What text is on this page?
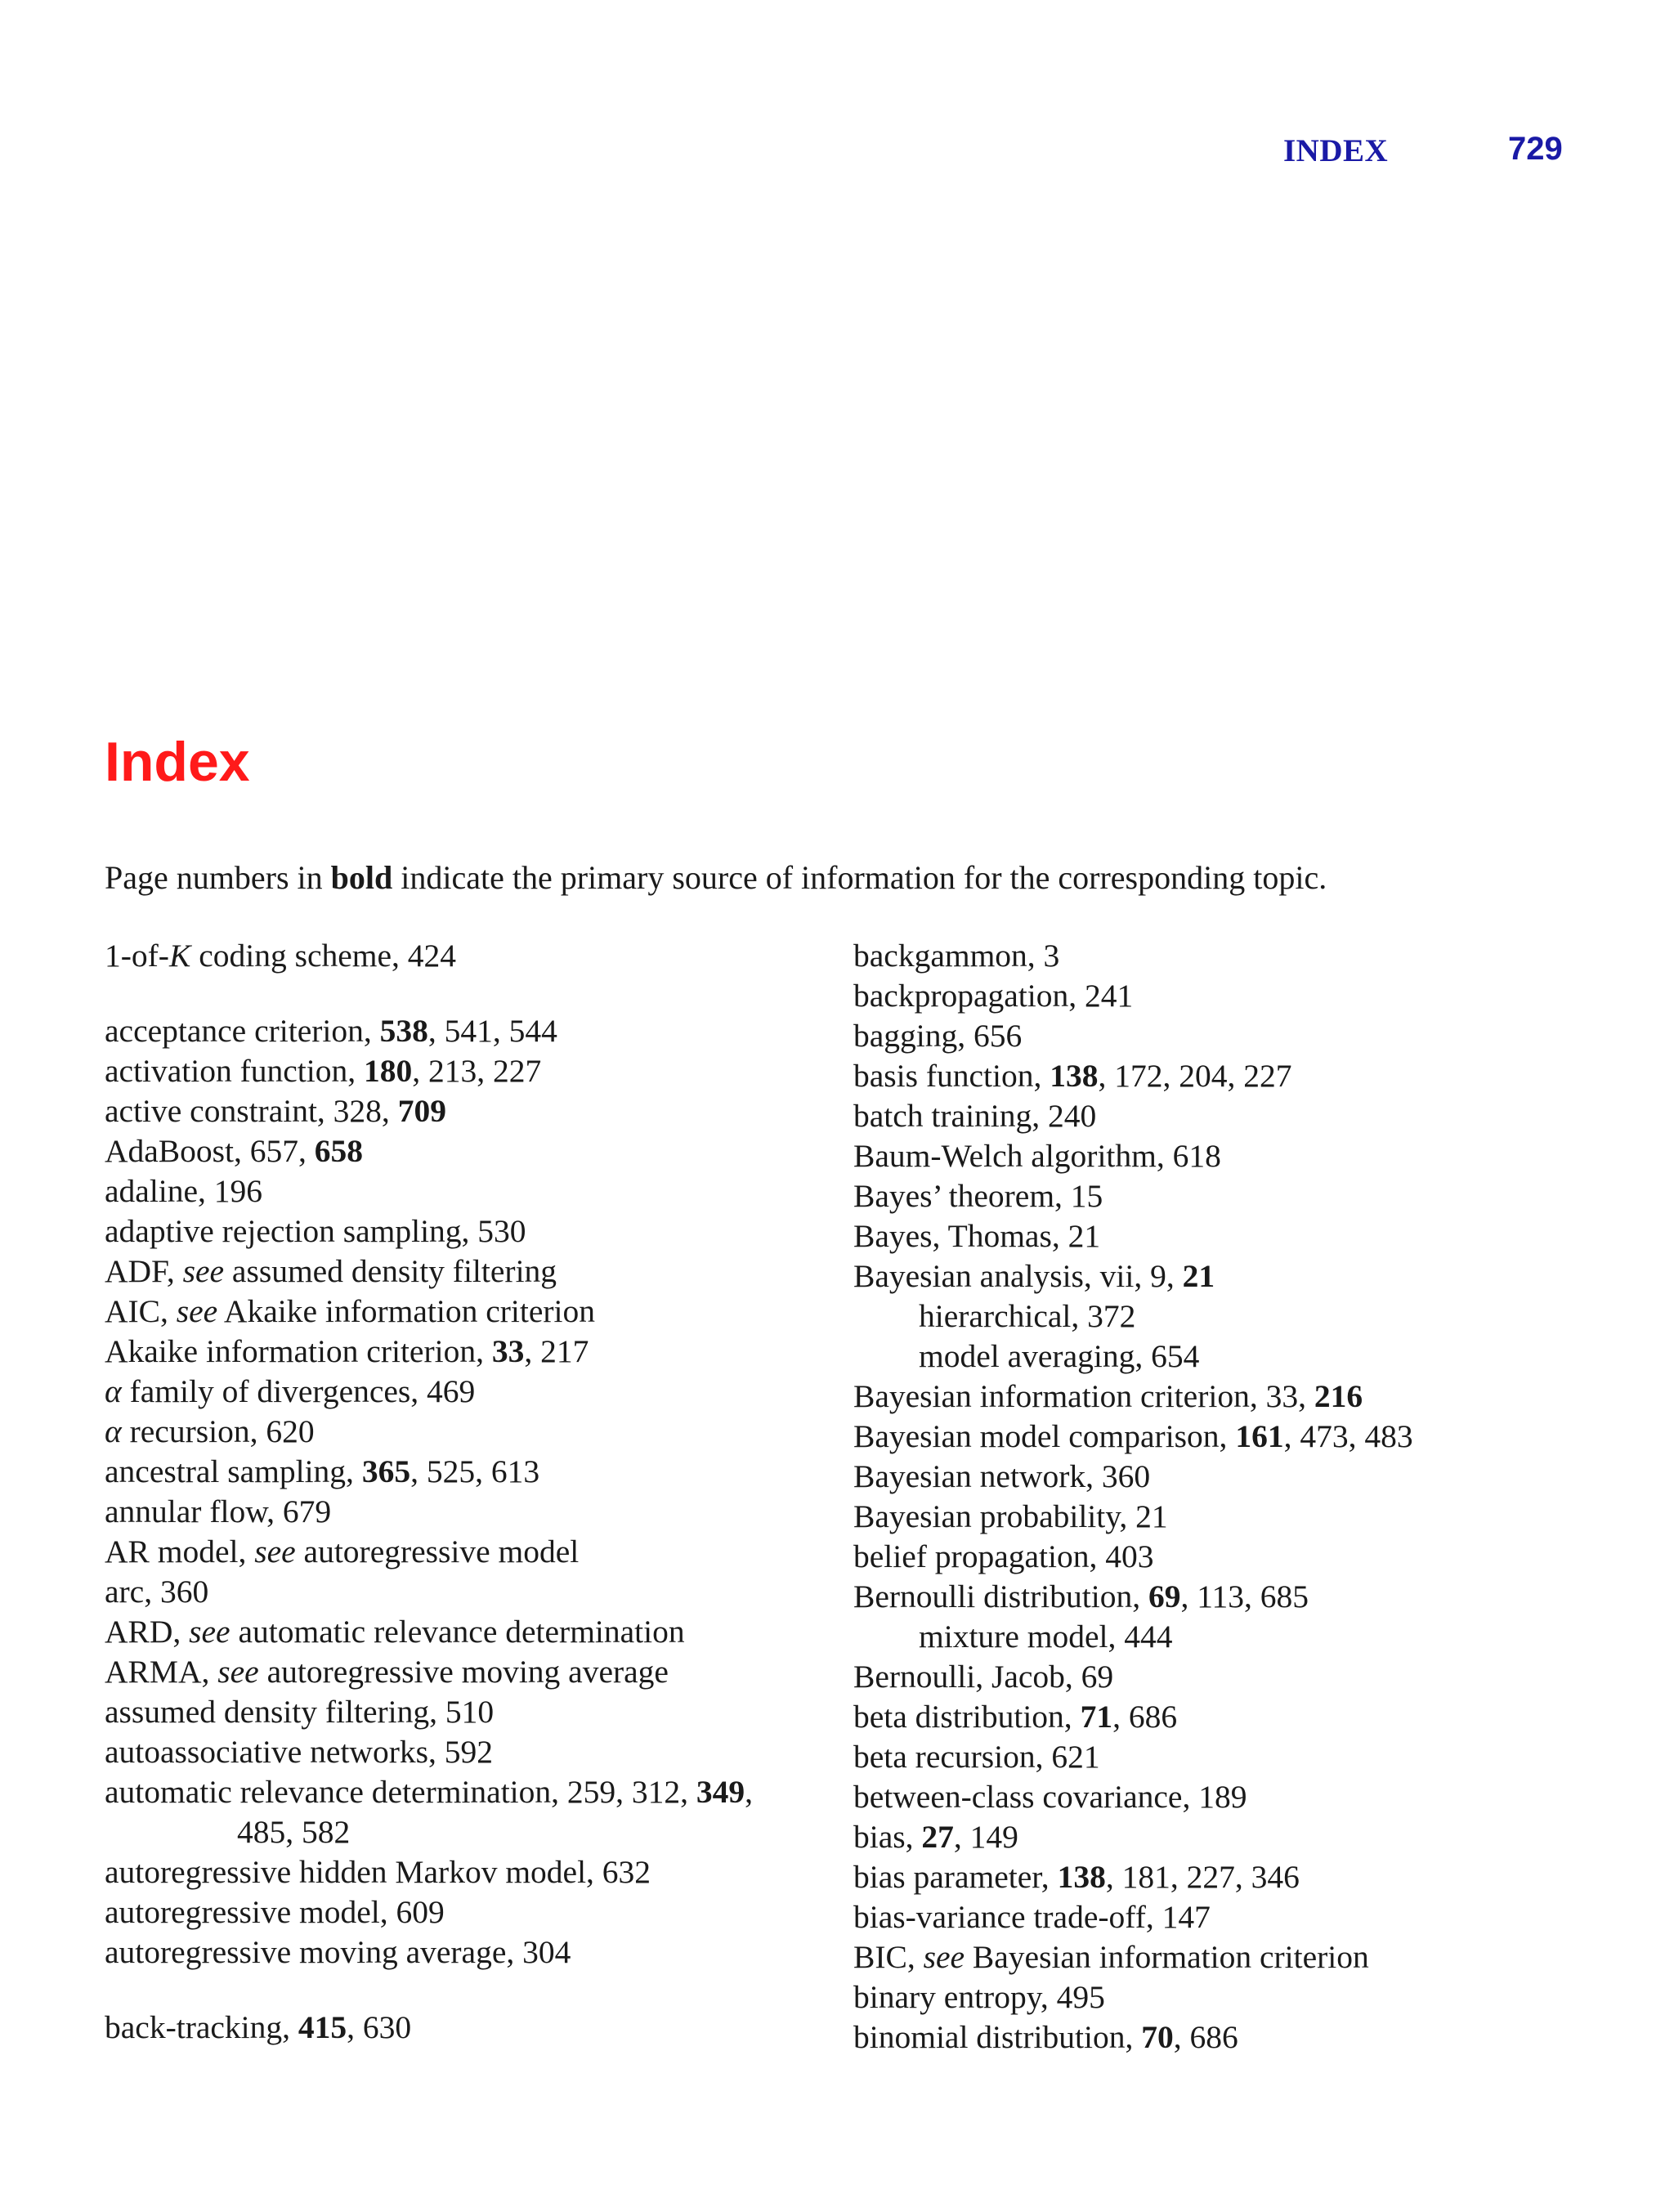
INDEX	729
Index

Page numbers in bold indicate the primary source of information for the corresponding topic.

1-of-K coding scheme, 424

acceptance criterion, 538, 541, 544

activation function, 180, 213, 227

active constraint, 328, 709

AdaBoost, 657, 658

adaline, 196

adaptive rejection sampling, 530

ADF, see assumed density filtering

AIC, see Akaike information criterion

Akaike information criterion, 33, 217

α family of divergences, 469

α recursion, 620

ancestral sampling, 365, 525, 613

annular flow, 679

AR model, see autoregressive model

arc, 360

ARD, see automatic relevance determination

ARMA, see autoregressive moving average

assumed density filtering, 510

autoassociative networks, 592

automatic relevance determination, 259, 312, 349,
485, 582

autoregressive hidden Markov model, 632

autoregressive model, 609

autoregressive moving average, 304

back-tracking, 415, 630

backgammon, 3

backpropagation, 241

bagging, 656

basis function, 138, 172, 204, 227

batch training, 240

Baum-Welch algorithm, 618

Bayes’ theorem, 15

Bayes, Thomas, 21

Bayesian analysis, vii, 9, 21

hierarchical, 372

model averaging, 654

Bayesian information criterion, 33, 216

Bayesian model comparison, 161, 473, 483

Bayesian network, 360

Bayesian probability, 21

belief propagation, 403

Bernoulli distribution, 69, 113, 685

mixture model, 444

Bernoulli, Jacob, 69

beta distribution, 71, 686

beta recursion, 621

between-class covariance, 189

bias, 27, 149

bias parameter, 138, 181, 227, 346

bias-variance trade-off, 147

BIC, see Bayesian information criterion

binary entropy, 495

binomial distribution, 70, 686
